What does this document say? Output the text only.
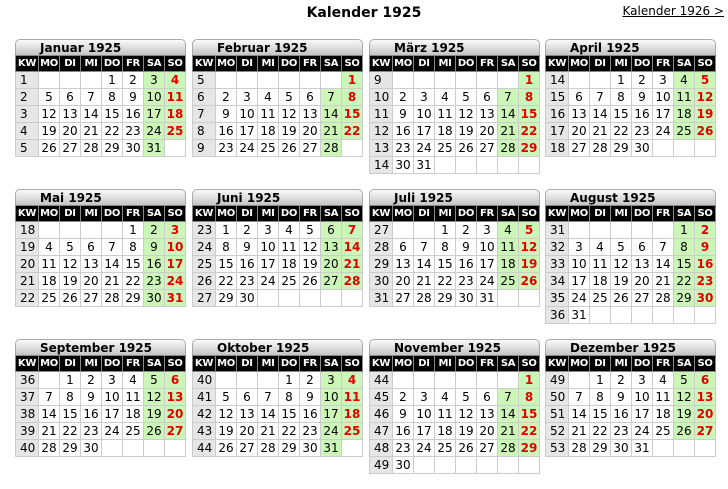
Kalender 1925	Kalender 1926 >
Januar 1925
KW	MO	DI	MI	DO	FR	SA	SO
1				1	2	3	4
2	5	6	7	8	9	10	11
3	12	13	14	15	16	17	18
4	19	20	21	22	23	24	25
5	26	27	28	29	30	31	
Februar 1925
KW	MO	DI	MI	DO	FR	SA	SO
5							1
6	2	3	4	5	6	7	8
7	9	10	11	12	13	14	15
8	16	17	18	19	20	21	22
9	23	24	25	26	27	28	
März 1925
KW	MO	DI	MI	DO	FR	SA	SO
9							1
10	2	3	4	5	6	7	8
11	9	10	11	12	13	14	15
12	16	17	18	19	20	21	22
13	23	24	25	26	27	28	29
14	30	31					
April 1925
KW	MO	DI	MI	DO	FR	SA	SO
14			1	2	3	4	5
15	6	7	8	9	10	11	12
16	13	14	15	16	17	18	19
17	20	21	22	23	24	25	26
18	27	28	29	30			
Mai 1925
KW	MO	DI	MI	DO	FR	SA	SO
18					1	2	3
19	4	5	6	7	8	9	10
20	11	12	13	14	15	16	17
21	18	19	20	21	22	23	24
22	25	26	27	28	29	30	31
Juni 1925
KW	MO	DI	MI	DO	FR	SA	SO
23	1	2	3	4	5	6	7
24	8	9	10	11	12	13	14
25	15	16	17	18	19	20	21
26	22	23	24	25	26	27	28
27	29	30					
Juli 1925
KW	MO	DI	MI	DO	FR	SA	SO
27			1	2	3	4	5
28	6	7	8	9	10	11	12
29	13	14	15	16	17	18	19
30	20	21	22	23	24	25	26
31	27	28	29	30	31		
August 1925
KW	MO	DI	MI	DO	FR	SA	SO
31						1	2
32	3	4	5	6	7	8	9
33	10	11	12	13	14	15	16
34	17	18	19	20	21	22	23
35	24	25	26	27	28	29	30
36	31						
September 1925
KW	MO	DI	MI	DO	FR	SA	SO
36		1	2	3	4	5	6
37	7	8	9	10	11	12	13
38	14	15	16	17	18	19	20
39	21	22	23	24	25	26	27
40	28	29	30				
Oktober 1925
KW	MO	DI	MI	DO	FR	SA	SO
40				1	2	3	4
41	5	6	7	8	9	10	11
42	12	13	14	15	16	17	18
43	19	20	21	22	23	24	25
44	26	27	28	29	30	31	
November 1925
KW	MO	DI	MI	DO	FR	SA	SO
44							1
45	2	3	4	5	6	7	8
46	9	10	11	12	13	14	15
47	16	17	18	19	20	21	22
48	23	24	25	26	27	28	29
49	30						
Dezember 1925
KW	MO	DI	MI	DO	FR	SA	SO
49		1	2	3	4	5	6
50	7	8	9	10	11	12	13
51	14	15	16	17	18	19	20
52	21	22	23	24	25	26	27
53	28	29	30	31			
